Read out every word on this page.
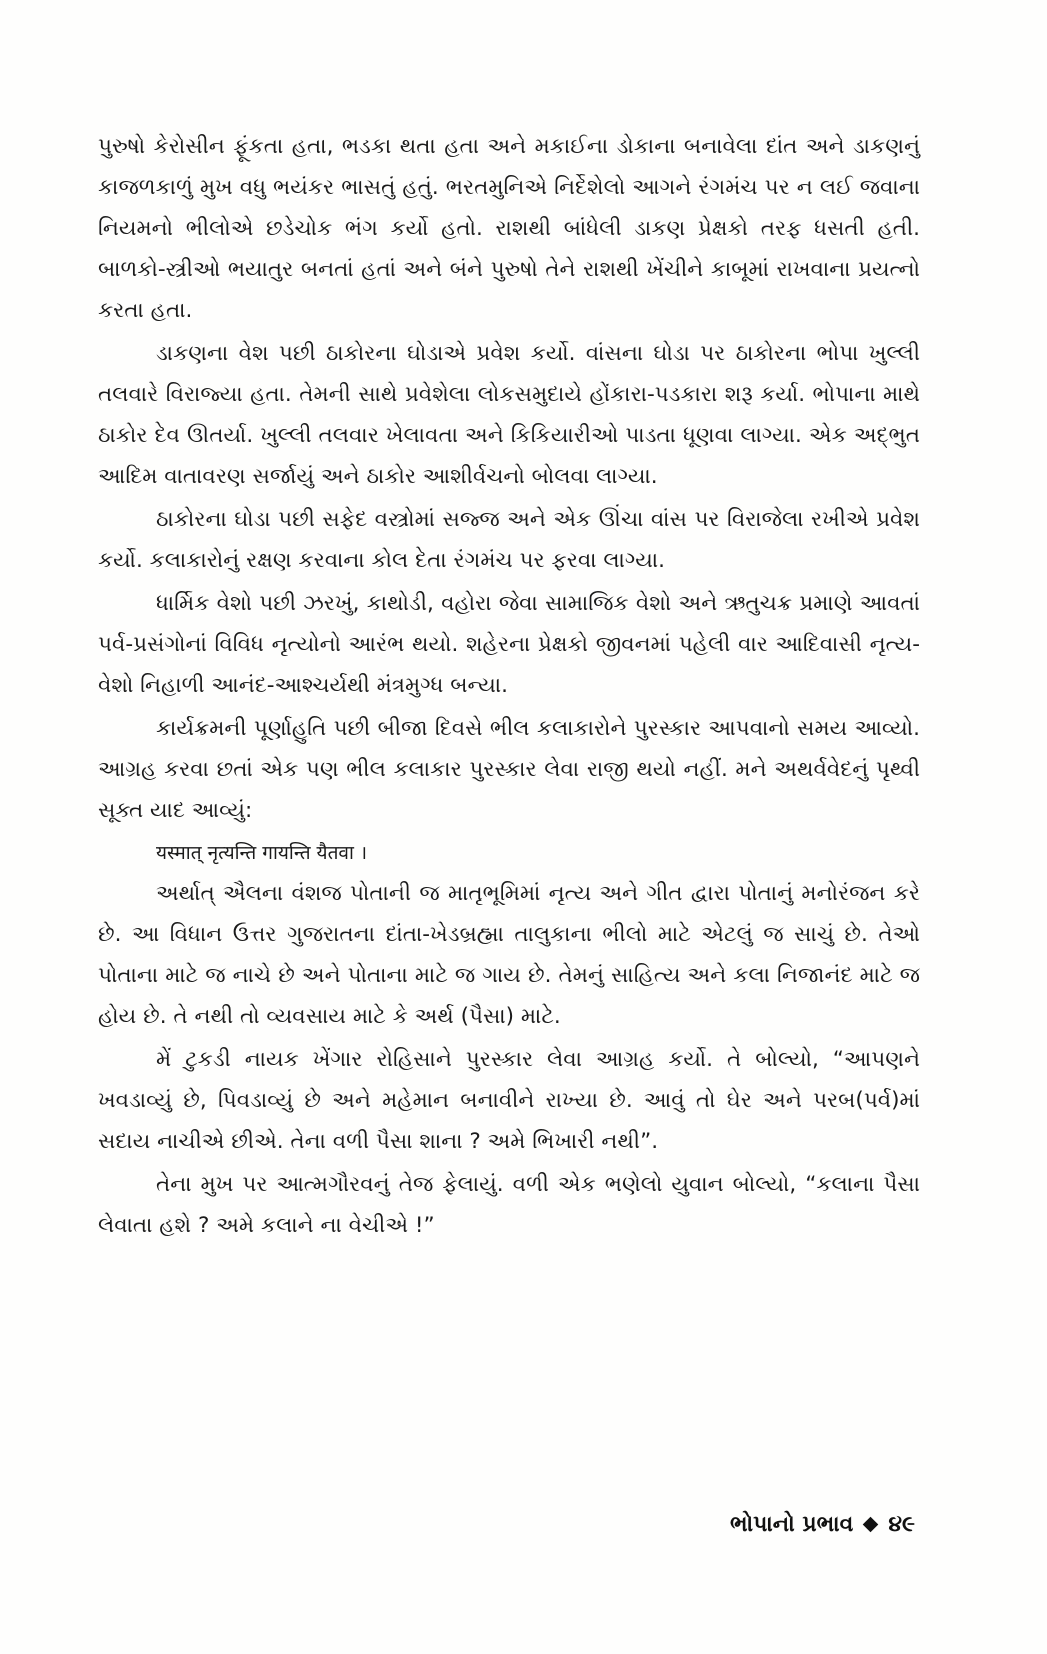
પુરુષો કેરોસીન ફૂંકતા હતા, ભડકા થતા હતા અને મકાઈના ડોકાના બનાવેલા દાંત અને ડાકણનું કાજળકાળું મુખ વધુ ભયંકર ભાસતું હતું. ભરતમુનિએ નિર્દેશેલો આગને રંગમંચ પર ન લઈ જવાના નિયમનો ભીલોએ છડેચોક ભંગ કર્યો હતો. રાશથી બાંધેલી ડાકણ પ્રેક્ષકો તરફ ધસતી હતી. બાળકો-સ્ત્રીઓ ભયાતુર બનતાં હતાં અને બંને પુરુષો તેને રાશથી ખેંચીને કાબૂમાં રાખવાના પ્રયત્નો કરતા હતા.

ડાકણના વેશ પછી ઠાકોરના ઘોડાએ પ્રવેશ કર્યો. વાંસના ઘોડા પર ઠાકોરના ભોપા ખુલ્લી તલવારે વિરાજ્યા હતા. તેમની સાથે પ્રવેશેલા લોકસમુદાયે હોંકારા-પડકારા શરૂ કર્યા. ભોપાના માથે ઠાકોર દેવ ઊતર્યા. ખુલ્લી તલવાર ખેલાવતા અને કિકિયારીઓ પાડતા ધૂણવા લાગ્યા. એક અદ્ભુત આદિમ વાતાવરણ સર્જાયું અને ઠાકોર આશીર્વચનો બોલવા લાગ્યા.

ઠાકોરના ઘોડા પછી સફેદ વસ્ત્રોમાં સજ્જ અને એક ઊંચા વાંસ પર વિરાજેલા રખીએ પ્રવેશ કર્યો. કલાકારોનું રક્ષણ કરવાના કોલ દેતા રંગમંચ પર ફરવા લાગ્યા.

ધાર્મિક વેશો પછી ઝરખું, કાથોડી, વહોરા જેવા સામાજિક વેશો અને ઋતુચક્ર પ્રમાણે આવતાં પર્વ-પ્રસંગોનાં વિવિધ નૃત્યોનો આરંભ થયો. શહેરના પ્રેક્ષકો જીવનમાં પહેલી વાર આદિવાસી નૃત્ય-વેશો નિહાળી આનંદ-આશ્ચર્યથી મંત્રમુગ્ધ બન્યા.

કાર્યક્રમની પૂર્ણાહુતિ પછી બીજા દિવસે ભીલ કલાકારોને પુરસ્કાર આપવાનો સમય આવ્યો. આગ્રહ કરવા છતાં એક પણ ભીલ કલાકાર પુરસ્કાર લેવા રાજી થયો નહીં. મને અથર્વવેદનું પૃથ્વી સૂક્ત યાદ આવ્યું:

यस्मात् नृत्यन्ति गायन्ति यैतवा ।

અર્થાત્ ઐલના વંશજ પોતાની જ માતૃભૂમિમાં નૃત્ય અને ગીત દ્વારા પોતાનું મનોરંજન કરે છે. આ વિધાન ઉત્તર ગુજરાતના દાંતા-ખેડબ્રહ્મા તાલુકાના ભીલો માટે એટલું જ સાચું છે. તેઓ પોતાના માટે જ નાચે છે અને પોતાના માટે જ ગાય છે. તેમનું સાહિત્ય અને કલા નિજાનંદ માટે જ હોય છે. તે નથી તો વ્યવસાય માટે કે અર્થ (પૈસા) માટે.

મેં ટુકડી નાયક ખેંગાર રોહિસાને પુરસ્કાર લેવા આગ્રહ કર્યો. તે બોલ્યો, “આપણને ખવડાવ્યું છે, પિવડાવ્યું છે અને મહેમાન બનાવીને રાખ્યા છે. આવું તો ઘેર અને પરબ(પર્વ)માં સદાય નાચીએ છીએ. તેના વળી પૈસા શાના ? અમે ભિખારી નથી”.

તેના મુખ પર આત્મગૌરવનું તેજ ફેલાયું. વળી એક ભણેલો યુવાન બોલ્યો, “કલાના પૈસા લેવાતા હશે ? અમે કલાને ના વેચીએ !”

ભોપાનો પ્રભાવ ૪૯
